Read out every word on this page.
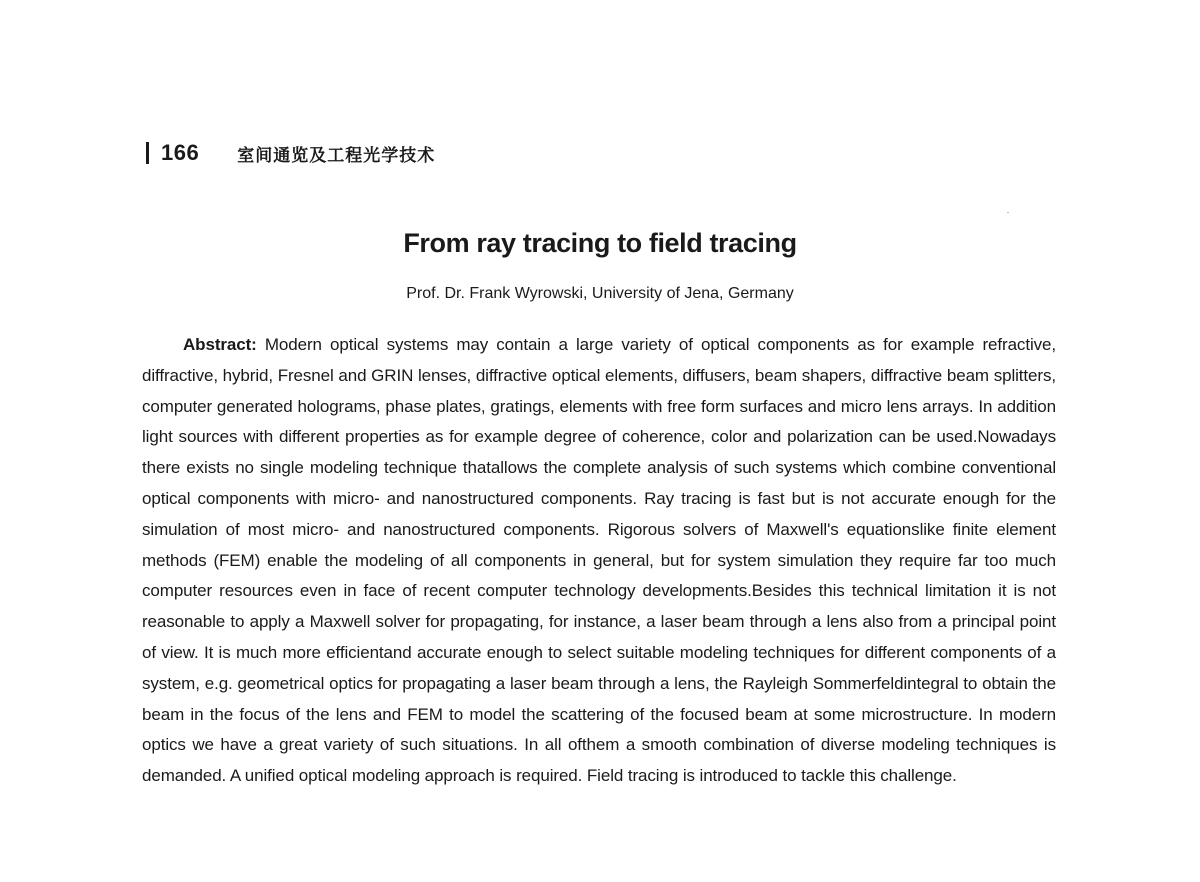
166 室间通览及工程光学技术
From ray tracing to field tracing

Prof. Dr. Frank Wyrowski, University of Jena, Germany

Abstract: Modern optical systems may contain a large variety of optical components as for example refractive, diffractive, hybrid, Fresnel and GRIN lenses, diffractive optical elements, diffusers, beam shapers, diffractive beam splitters, computer generated holograms, phase plates, gratings, elements with free form surfaces and micro lens arrays. In addition light sources with different properties as for example degree of coherence, color and polarization can be used.Nowadays there exists no single modeling technique thatallows the complete analysis of such systems which combine conventional optical components with micro- and nanostructured components. Ray tracing is fast but is not accurate enough for the simulation of most micro- and nanostructured components. Rigorous solvers of Maxwell's equationslike finite element methods (FEM) enable the modeling of all components in general, but for system simulation they require far too much computer resources even in face of recent computer technology developments.Besides this technical limitation it is not reasonable to apply a Maxwell solver for propagating, for instance, a laser beam through a lens also from a principal point of view. It is much more efficientand accurate enough to select suitable modeling techniques for different components of a system, e.g. geometrical optics for propagating a laser beam through a lens, the Rayleigh Sommerfeldintegral to obtain the beam in the focus of the lens and FEM to model the scattering of the focused beam at some microstructure. In modern optics we have a great variety of such situations. In all ofthem a smooth combination of diverse modeling techniques is demanded. A unified optical modeling approach is required. Field tracing is introduced to tackle this challenge.
